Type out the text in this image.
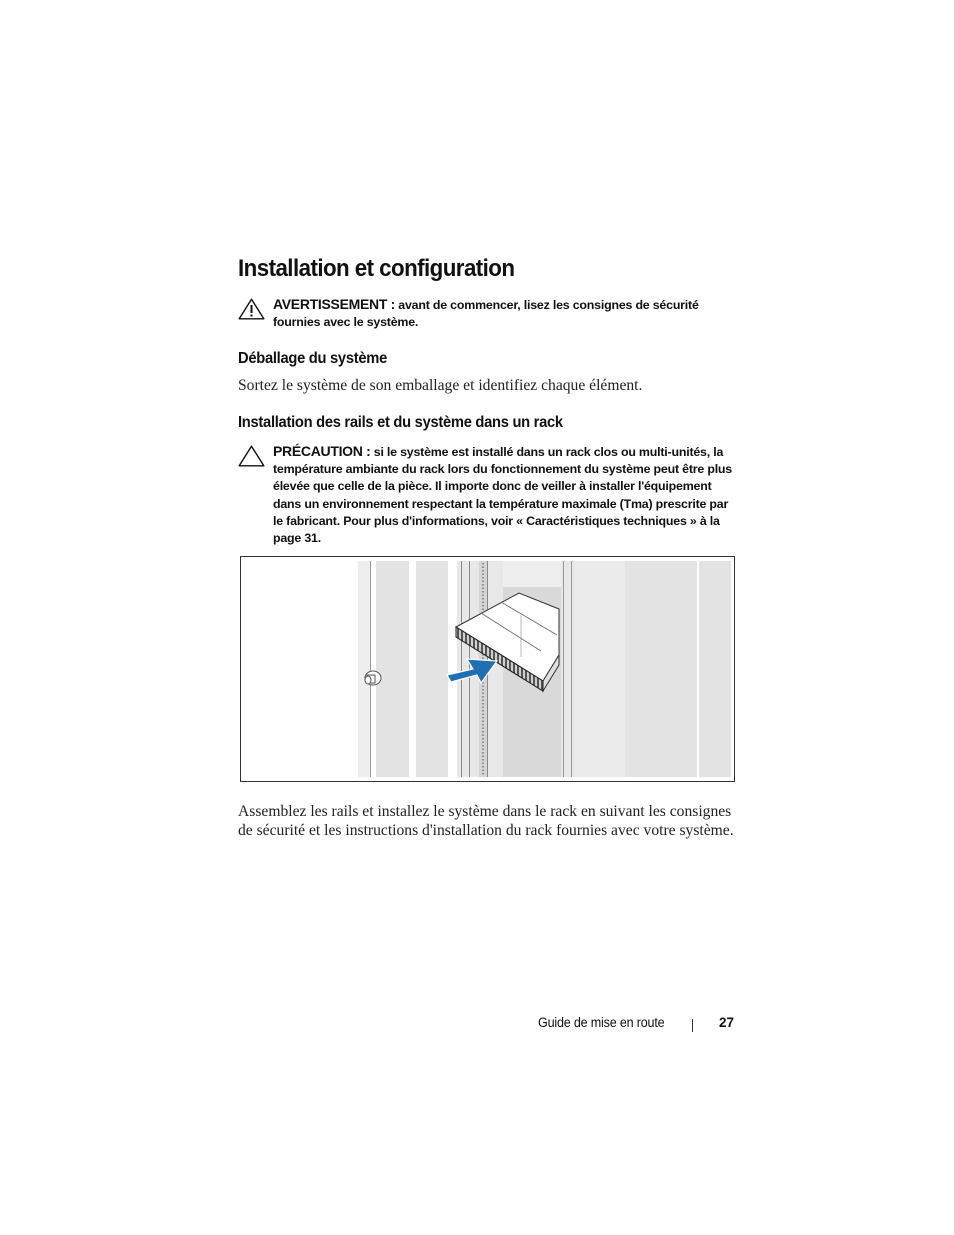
Installation et configuration
AVERTISSEMENT : avant de commencer, lisez les consignes de sécurité fournies avec le système.
Déballage du système

Sortez le système de son emballage et identifiez chaque élément.

Installation des rails et du système dans un rack
PRÉCAUTION : si le système est installé dans un rack clos ou multi-unités, la température ambiante du rack lors du fonctionnement du système peut être plus élevée que celle de la pièce. Il importe donc de veiller à installer l'équipement dans un environnement respectant la température maximale (Tma) prescrite par le fabricant. Pour plus d'informations, voir « Caractéristiques techniques » à la page 31.

Assemblez les rails et installez le système dans le rack en suivant les consignes de sécurité et les instructions d'installation du rack fournies avec votre système.

Guide de mise en route	27
